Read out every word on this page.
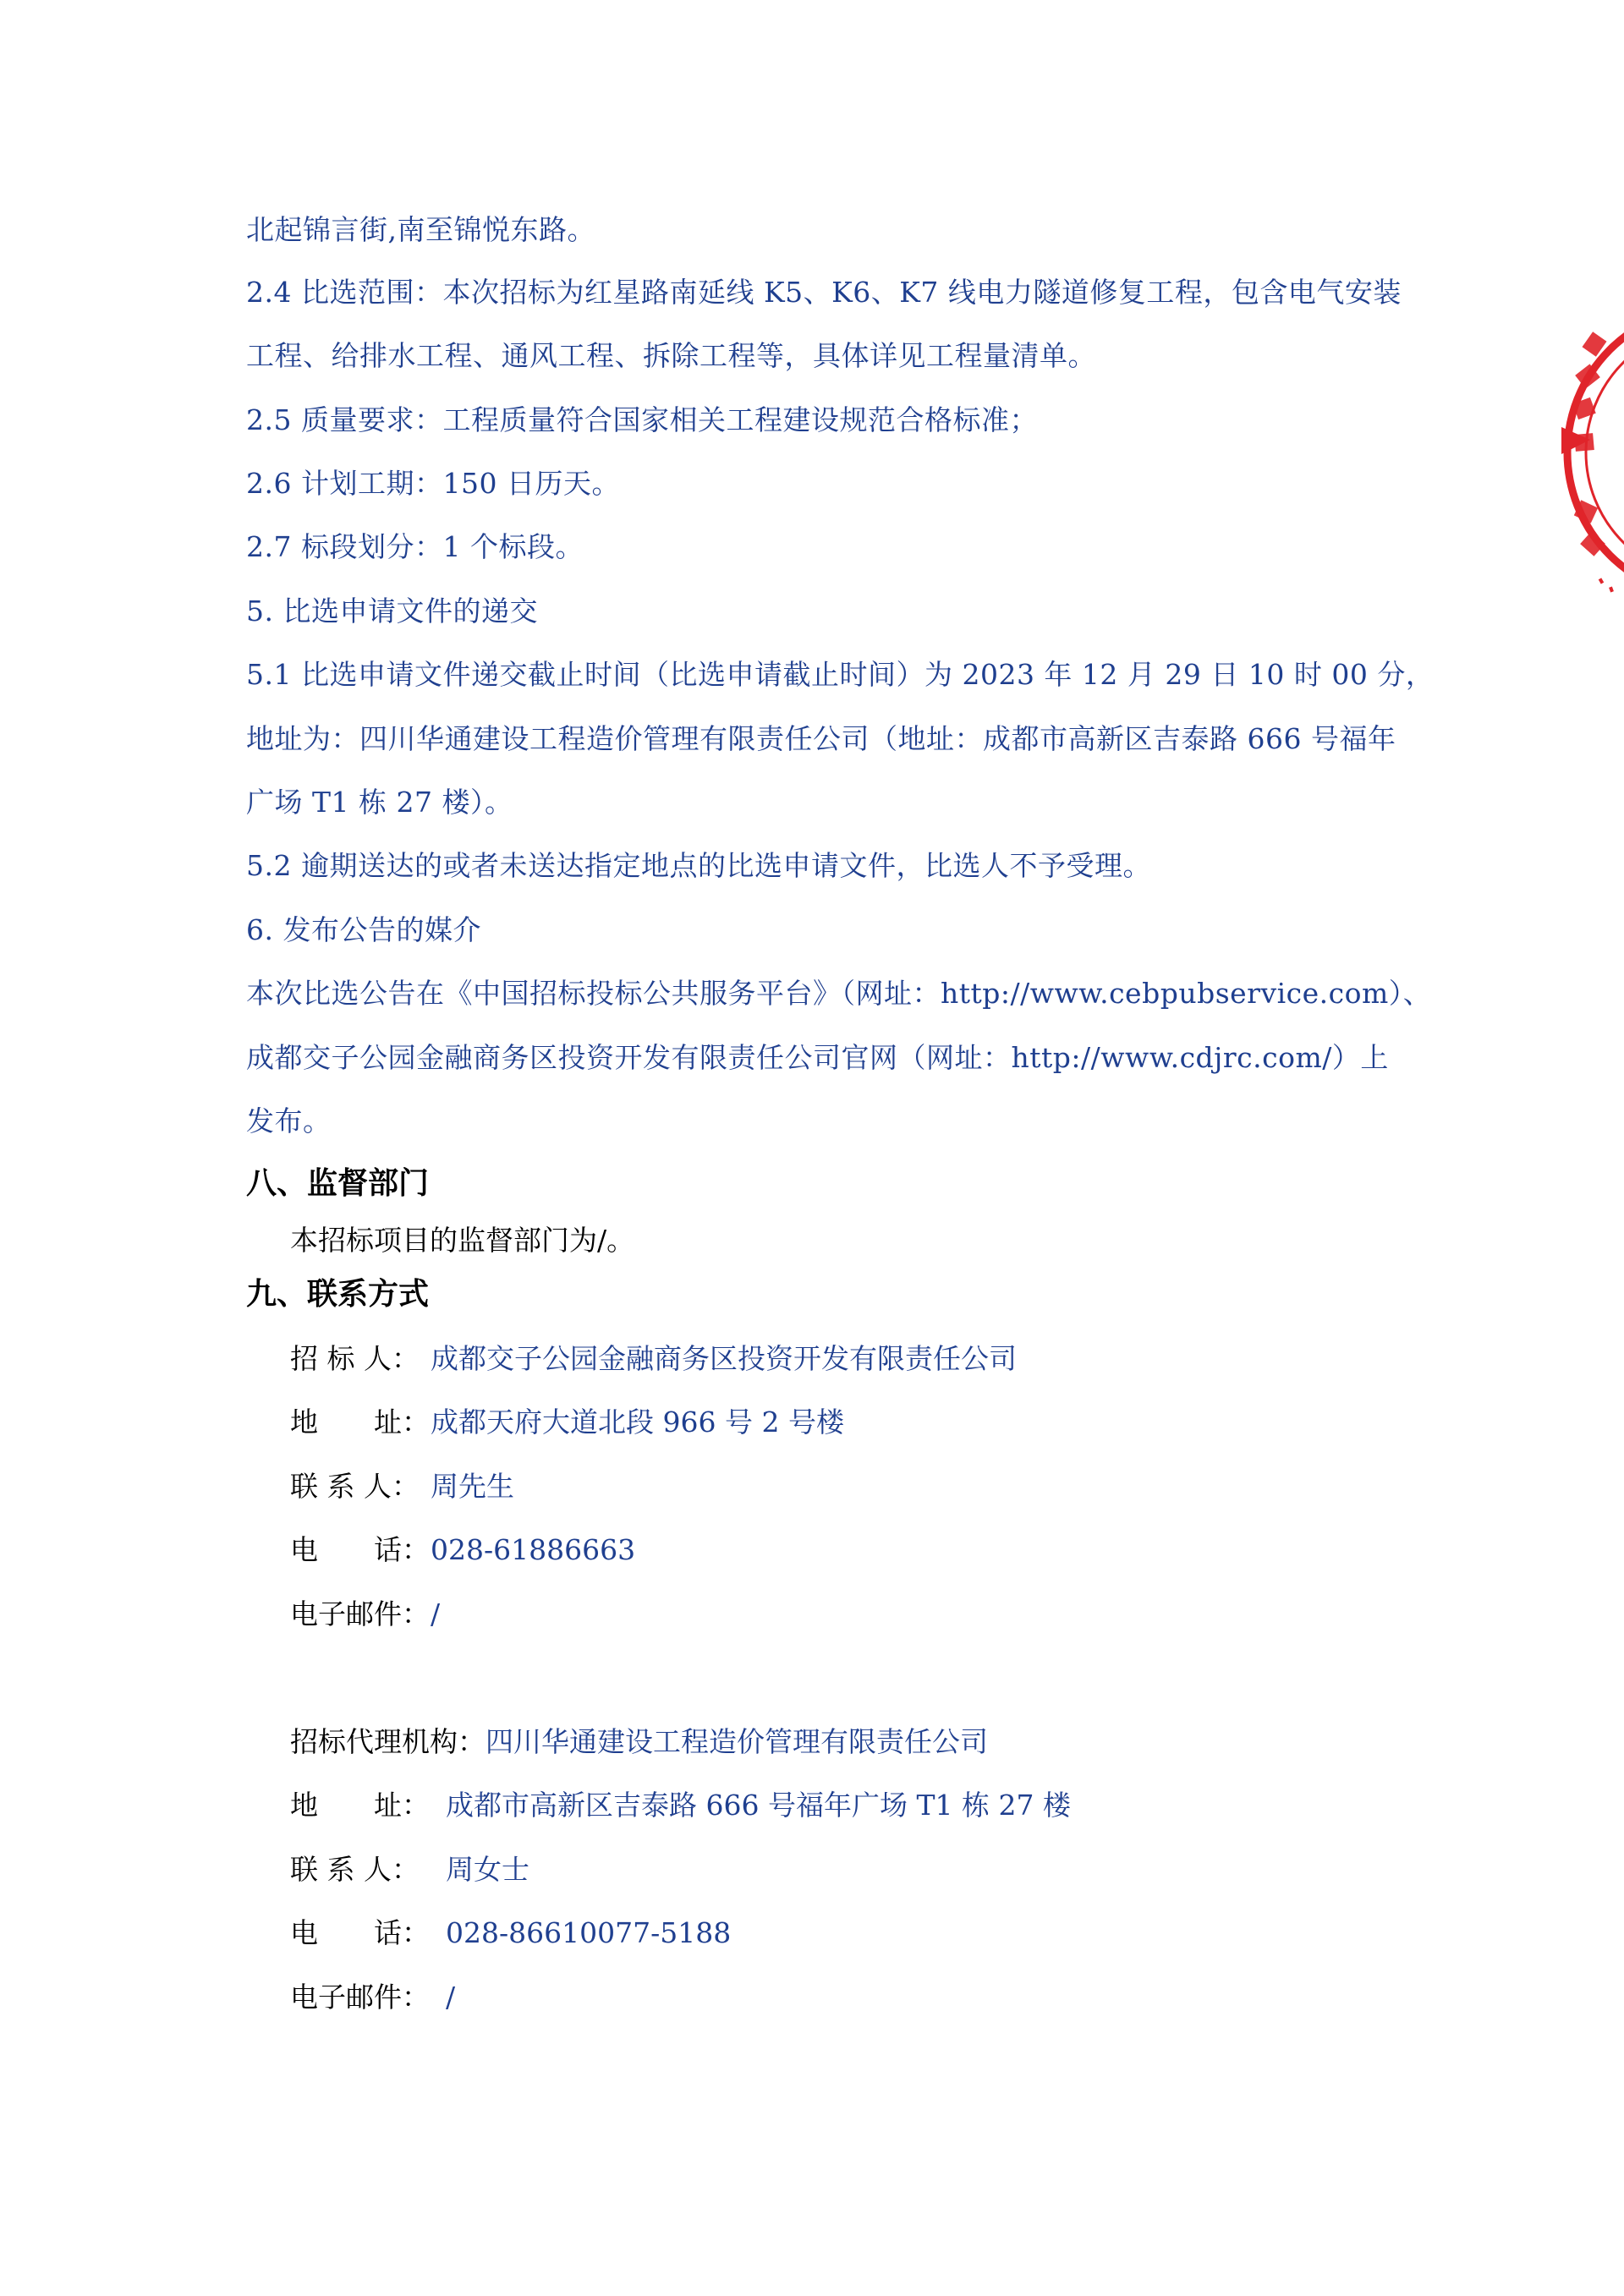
北起锦言街,南至锦悦东路。
2.4 比选范围：本次招标为红星路南延线 K5、K6、K7 线电力隧道修复工程，包含电气安装
工程、给排水工程、通风工程、拆除工程等，具体详见工程量清单。
2.5 质量要求：工程质量符合国家相关工程建设规范合格标准；
2.6 计划工期：150 日历天。
2.7 标段划分：1 个标段。
5. 比选申请文件的递交
5.1 比选申请文件递交截止时间（比选申请截止时间）为 2023 年 12 月 29 日 10 时 00 分，
地址为：四川华通建设工程造价管理有限责任公司（地址：成都市高新区吉泰路 666 号福年
广场 T1 栋 27 楼）。
5.2 逾期送达的或者未送达指定地点的比选申请文件，比选人不予受理。
6. 发布公告的媒介
本次比选公告在《中国招标投标公共服务平台》（网址：http://www.cebpubservice.com）、
成都交子公园金融商务区投资开发有限责任公司官网（网址：http://www.cdjrc.com/）上
发布。
八、监督部门
本招标项目的监督部门为/。
九、联系方式
招 标 人： 成都交子公园金融商务区投资开发有限责任公司
地　　址：成都天府大道北段 966 号 2 号楼
联 系 人： 周先生
电　　话：028-61886663
电子邮件：/
招标代理机构：四川华通建设工程造价管理有限责任公司
地　　址： 成都市高新区吉泰路 666 号福年广场 T1 栋 27 楼
联 系 人： 周女士
电　　话： 028-86610077-5188
电子邮件： /
